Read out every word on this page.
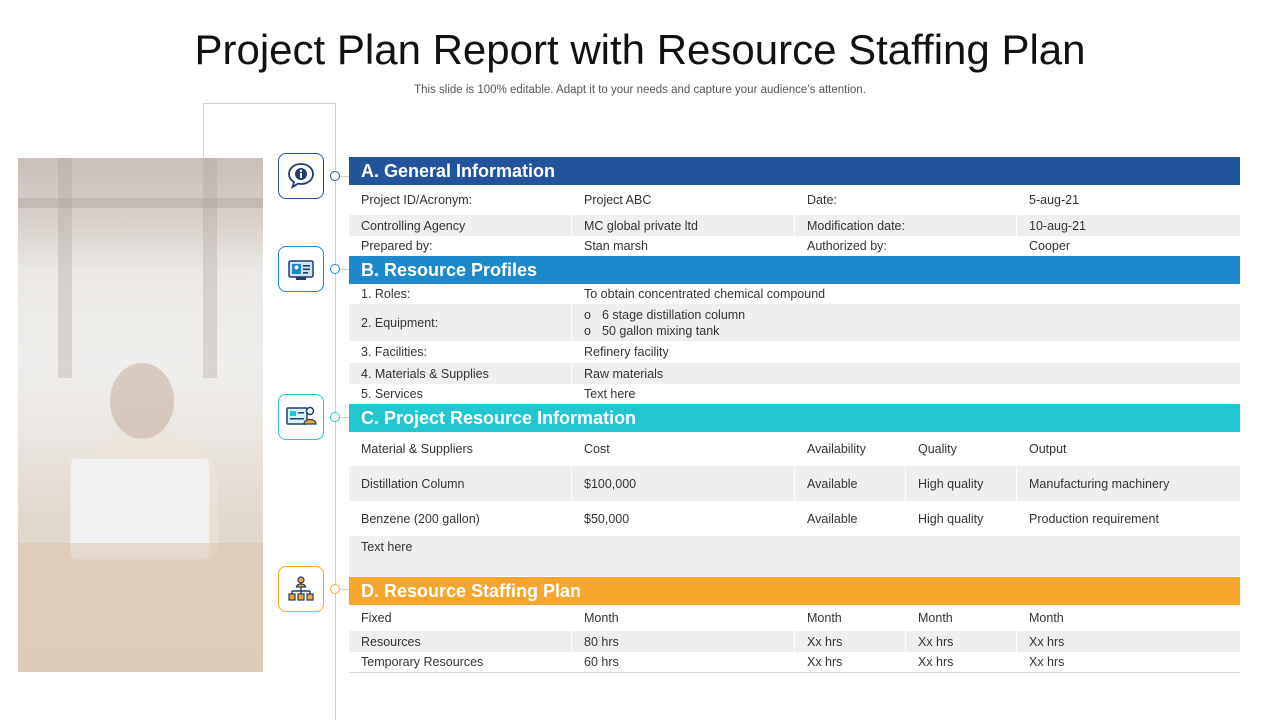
Project Plan Report with Resource Staffing Plan
This slide is 100% editable. Adapt it to your needs and capture your audience’s attention.
A. General Information
Project ID/Acronym:	Project ABC	Date:	5-aug-21
Controlling Agency	MC global private ltd	Modification date:	10-aug-21
Prepared by:	Stan marsh	Authorized by:	Cooper
B. Resource Profiles
1. Roles:	To obtain concentrated chemical compound
2. Equipment:
o 6 stage distillation column
o 50 gallon mixing tank
3. Facilities:	Refinery facility
4. Materials & Supplies	Raw materials
5. Services	Text here
C. Project Resource Information
Material & Suppliers	Cost	Availability	Quality	Output
Distillation Column	$100,000	Available	High quality	Manufacturing machinery
Benzene (200 gallon)	$50,000	Available	High quality	Production requirement
Text here
D. Resource Staffing Plan
Fixed	Month	Month	Month	Month
Resources	80 hrs	Xx hrs	Xx hrs	Xx hrs
Temporary Resources	60 hrs	Xx hrs	Xx hrs	Xx hrs
